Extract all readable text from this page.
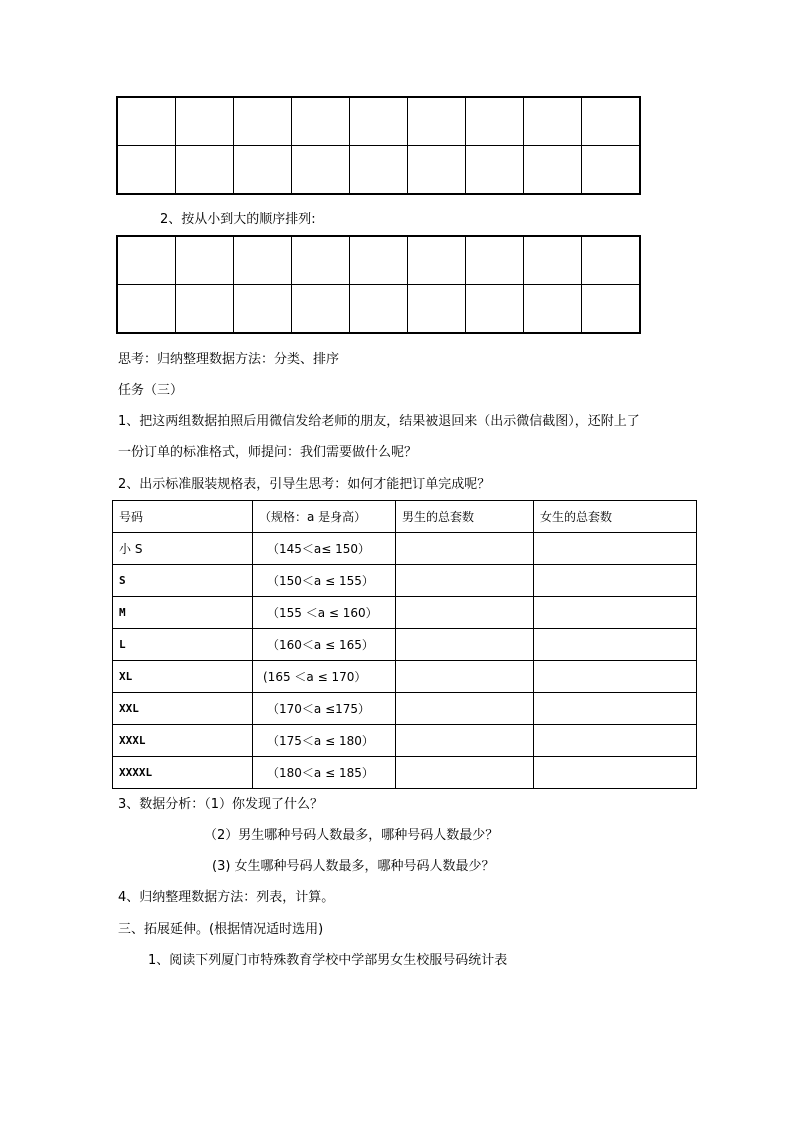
2、按从小到大的顺序排列:

思考：归纳整理数据方法：分类、排序
任务（三）
1、把这两组数据拍照后用微信发给老师的朋友，结果被退回来（出示微信截图），还附上了
一份订单的标准格式，师提问：我们需要做什么呢？
2、出示标准服装规格表，引导生思考：如何才能把订单完成呢？
号码	（规格：a 是身高）	男生的总套数	女生的总套数
小 S	（145＜a≤ 150）		
S	（150＜a ≤ 155）		
M	（155 ＜a ≤ 160）		
L	（160＜a ≤ 165）		
XL	(165 ＜a ≤ 170）		
XXL	（170＜a ≤175）		
XXXL	（175＜a ≤ 180）		
XXXXL	（180＜a ≤ 185）		
3、数据分析：（1）你发现了什么？
（2）男生哪种号码人数最多，哪种号码人数最少？
(3) 女生哪种号码人数最多，哪种号码人数最少？
4、归纳整理数据方法：列表，计算。
三、拓展延伸。(根据情况适时选用)
1、阅读下列厦门市特殊教育学校中学部男女生校服号码统计表
